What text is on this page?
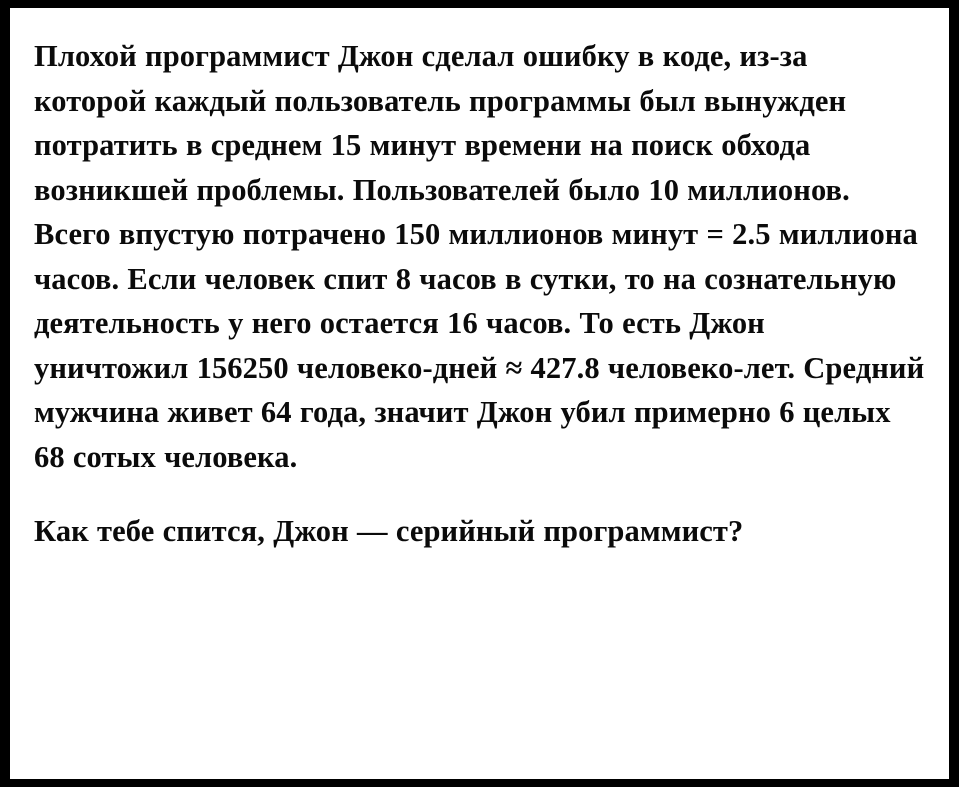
Плохой программист Джон сделал ошибку в коде, из-за которой каждый пользователь программы был вынужден потратить в среднем 15 минут времени на поиск обхода возникшей проблемы. Пользователей было 10 миллионов. Всего впустую потрачено 150 миллионов минут = 2.5 миллиона часов. Если человек спит 8 часов в сутки, то на сознательную деятельность у него остается 16 часов. То есть Джон уничтожил 156250 человеко-дней ≈ 427.8 человеко-лет. Средний мужчина живет 64 года, значит Джон убил примерно 6 целых 68 сотых человека.

Как тебе спится, Джон — серийный программист?
